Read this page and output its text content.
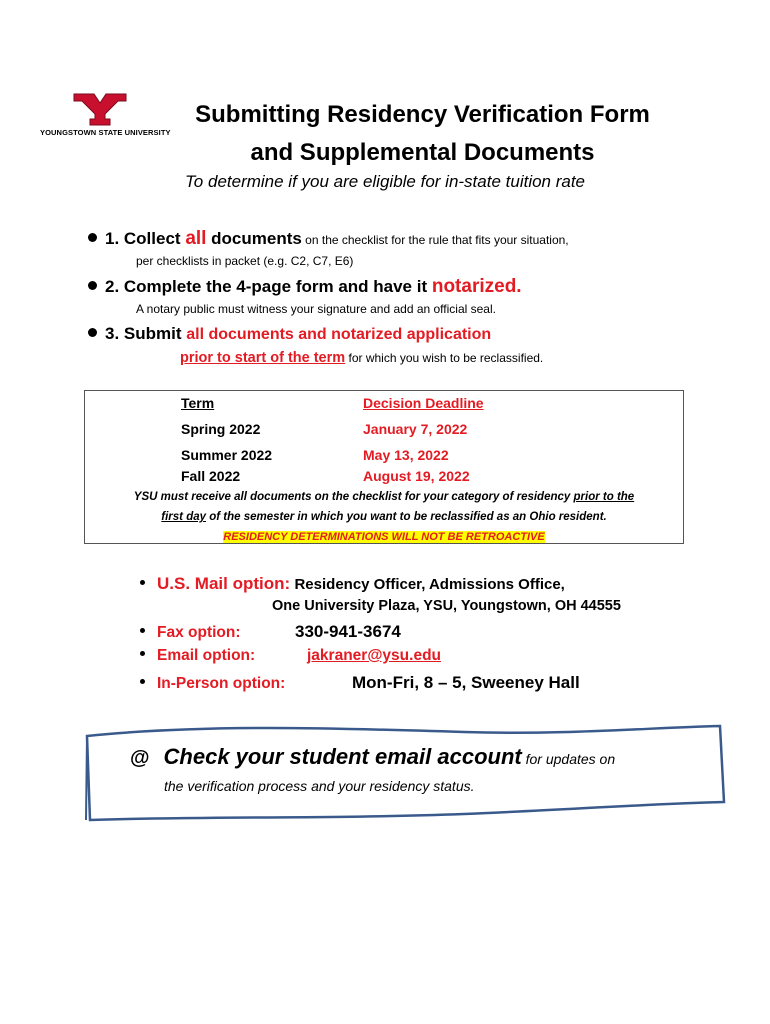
YOUNGSTOWN STATE UNIVERSITY
Submitting Residency Verification Form
and Supplemental Documents
To determine if you are eligible for in-state tuition rate
1. Collect all documents on the checklist for the rule that fits your situation,
per checklists in packet (e.g. C2, C7, E6)
2. Complete the 4-page form and have it notarized.
A notary public must witness your signature and add an official seal.
3. Submit all documents and notarized application
prior to start of the term for which you wish to be reclassified.
Term	Decision Deadline
Spring 2022	January 7, 2022
Summer 2022	May 13, 2022
Fall 2022	August 19, 2022
YSU must receive all documents on the checklist for your category of residency prior to the
first day of the semester in which you want to be reclassified as an Ohio resident.
RESIDENCY DETERMINATIONS WILL NOT BE RETROACTIVE
U.S. Mail option: Residency Officer, Admissions Office,
One University Plaza, YSU, Youngstown, OH 44555
Fax option:	330-941-3674
Email option:	jakraner@ysu.edu
In-Person option:	Mon-Fri, 8 – 5, Sweeney Hall
@ Check your student email account for updates on
the verification process and your residency status.
